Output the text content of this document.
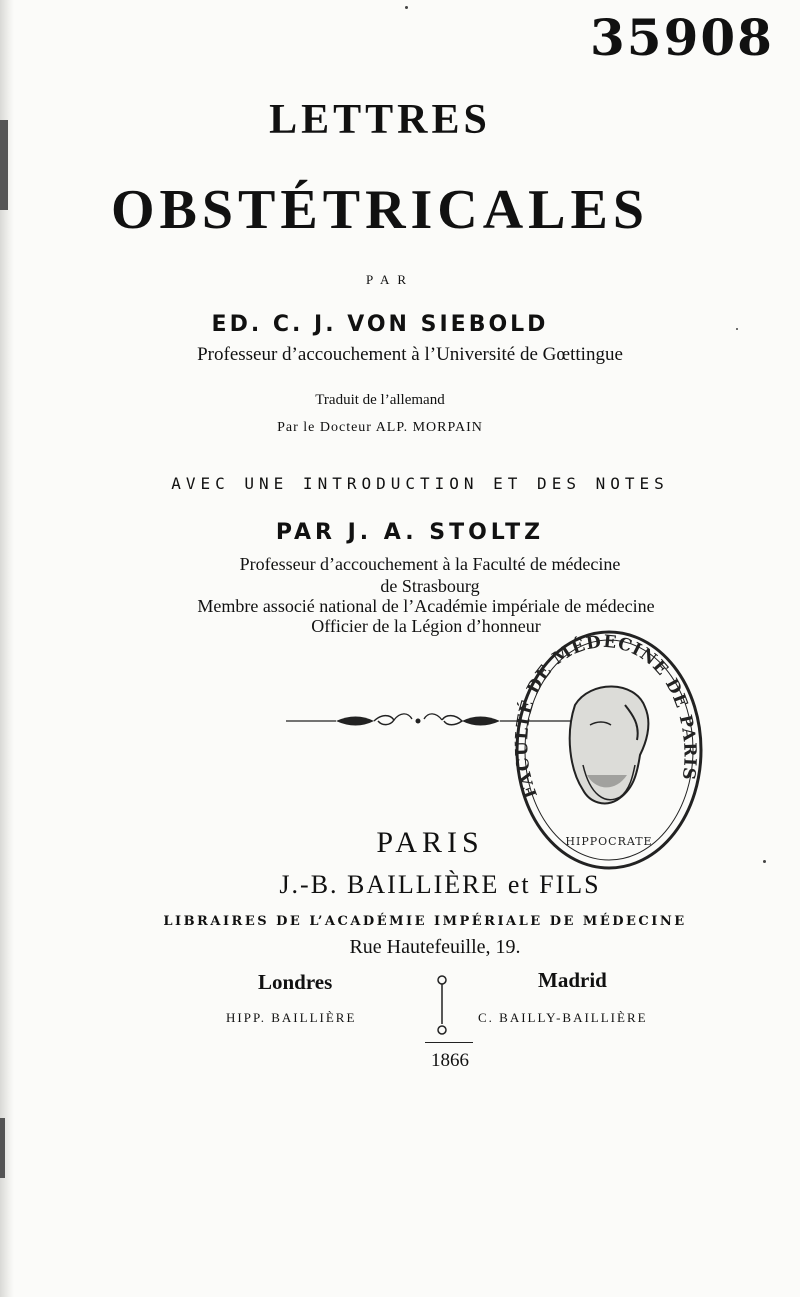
35908
LETTRES
OBSTÉTRICALES
PAR
ED. C. J. VON SIEBOLD
Professeur d’accouchement à l’Université de Gœttingue
Traduit de l’allemand
Par le Docteur ALP. MORPAIN
AVEC UNE INTRODUCTION ET DES NOTES
PAR J. A. STOLTZ
Professeur d’accouchement à la Faculté de médecine
de Strasbourg
Membre associé national de l’Académie impériale de médecine
Officier de la Légion d’honneur
FACULTÉ DE MÉDECINE DE PARIS
HIPPOCRATE
PARIS
J.-B. BAILLIÈRE et FILS
LIBRAIRES DE L’ACADÉMIE IMPÉRIALE DE MÉDECINE
Rue Hautefeuille, 19.
Londres	Madrid
HIPP. BAILLIÈRE	C. BAILLY-BAILLIÈRE
1866
